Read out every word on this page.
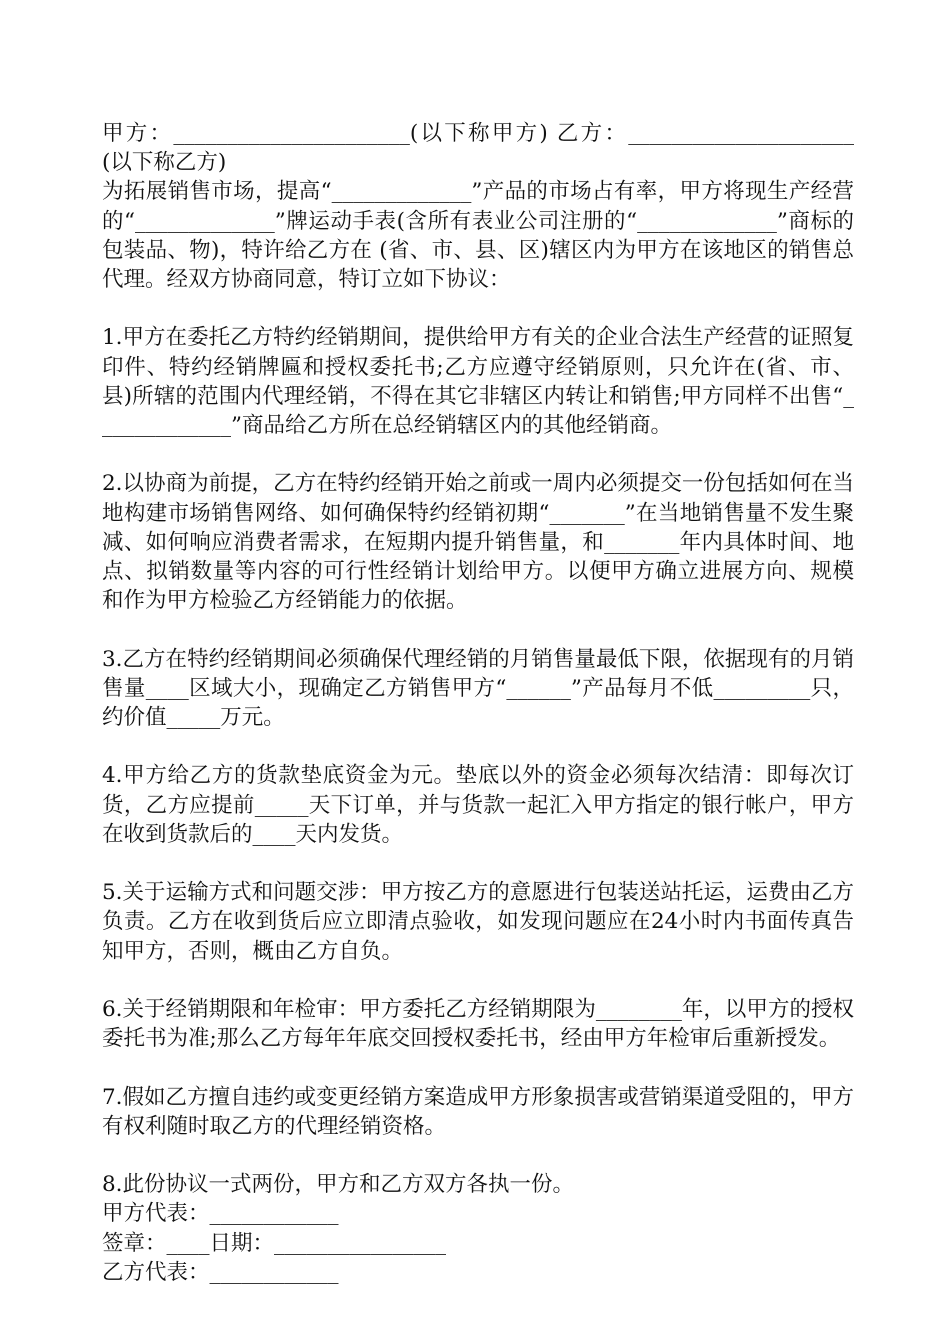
甲方：______________________(以下称甲方) 乙方：_____________________(以下称乙方)

为拓展销售市场，提高“_____________”产品的市场占有率，甲方将现生产经营的“_____________”牌运动手表(含所有表业公司注册的“_____________”商标的包装品、物)，特许给乙方在 (省、市、县、区)辖区内为甲方在该地区的销售总代理。经双方协商同意，特订立如下协议：

1.甲方在委托乙方特约经销期间，提供给甲方有关的企业合法生产经营的证照复印件、特约经销牌匾和授权委托书;乙方应遵守经销原则，只允许在(省、市、县)所辖的范围内代理经销，不得在其它非辖区内转让和销售;甲方同样不出售“_____________”商品给乙方所在总经销辖区内的其他经销商。

2.以协商为前提，乙方在特约经销开始之前或一周内必须提交一份包括如何在当地构建市场销售网络、如何确保特约经销初期“_______”在当地销售量不发生聚减、如何响应消费者需求，在短期内提升销售量，和_______年内具体时间、地点、拟销数量等内容的可行性经销计划给甲方。以便甲方确立进展方向、规模和作为甲方检验乙方经销能力的依据。

3.乙方在特约经销期间必须确保代理经销的月销售量最低下限，依据现有的月销售量____区域大小，现确定乙方销售甲方“______”产品每月不低_________只，约价值_____万元。

4.甲方给乙方的货款垫底资金为元。垫底以外的资金必须每次结清：即每次订货，乙方应提前_____天下订单，并与货款一起汇入甲方指定的银行帐户，甲方在收到货款后的____天内发货。

5.关于运输方式和问题交涉：甲方按乙方的意愿进行包装送站托运，运费由乙方负责。乙方在收到货后应立即清点验收，如发现问题应在24小时内书面传真告知甲方，否则，概由乙方自负。

6.关于经销期限和年检审：甲方委托乙方经销期限为________年，以甲方的授权委托书为准;那么乙方每年年底交回授权委托书，经由甲方年检审后重新授发。

7.假如乙方擅自违约或变更经销方案造成甲方形象损害或营销渠道受阻的，甲方有权利随时取乙方的代理经销资格。

8.此份协议一式两份，甲方和乙方双方各执一份。

甲方代表：____________

签章：____日期：________________

乙方代表：____________
